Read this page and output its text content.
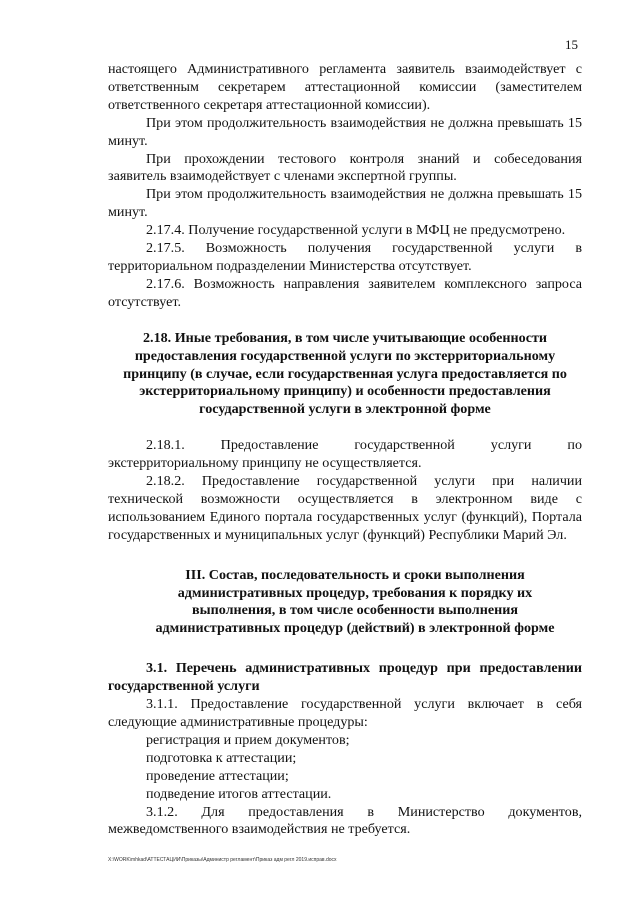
15

настоящего Административного регламента заявитель взаимодействует с ответственным секретарем аттестационной комиссии (заместителем ответственного секретаря аттестационной комиссии).

При этом продолжительность взаимодействия не должна превышать 15 минут.

При прохождении тестового контроля знаний и собеседования заявитель взаимодействует с членами экспертной группы.

При этом продолжительность взаимодействия не должна превышать 15 минут.

2.17.4. Получение государственной услуги в МФЦ не предусмотрено.

2.17.5. Возможность получения государственной услуги в территориальном подразделении Министерства отсутствует.

2.17.6. Возможность направления заявителем комплексного запроса отсутствует.

2.18. Иные требования, в том числе учитывающие особенности предоставления государственной услуги по экстерриториальному принципу (в случае, если государственная услуга предоставляется по экстерриториальному принципу) и особенности предоставления государственной услуги в электронной форме

2.18.1. Предоставление государственной услуги по экстерриториальному принципу не осуществляется.

2.18.2. Предоставление государственной услуги при наличии технической возможности осуществляется в электронном виде с использованием Единого портала государственных услуг (функций), Портала государственных и муниципальных услуг (функций) Республики Марий Эл.

III. Состав, последовательность и сроки выполнения административных процедур, требования к порядку их выполнения, в том числе особенности выполнения административных процедур (действий) в электронной форме

3.1. Перечень административных процедур при предоставлении государственной услуги

3.1.1. Предоставление государственной услуги включает в себя следующие административные процедуры:

регистрация и прием документов;

подготовка к аттестации;

проведение аттестации;

подведение итогов аттестации.

3.1.2. Для предоставления в Министерство документов, межведомственного взаимодействия не требуется.

X:\WORK\mhkad\АТТЕСТАЦИИ\Приказы\Администр регламент\Приказ адм регл 2019.исправ.docx
